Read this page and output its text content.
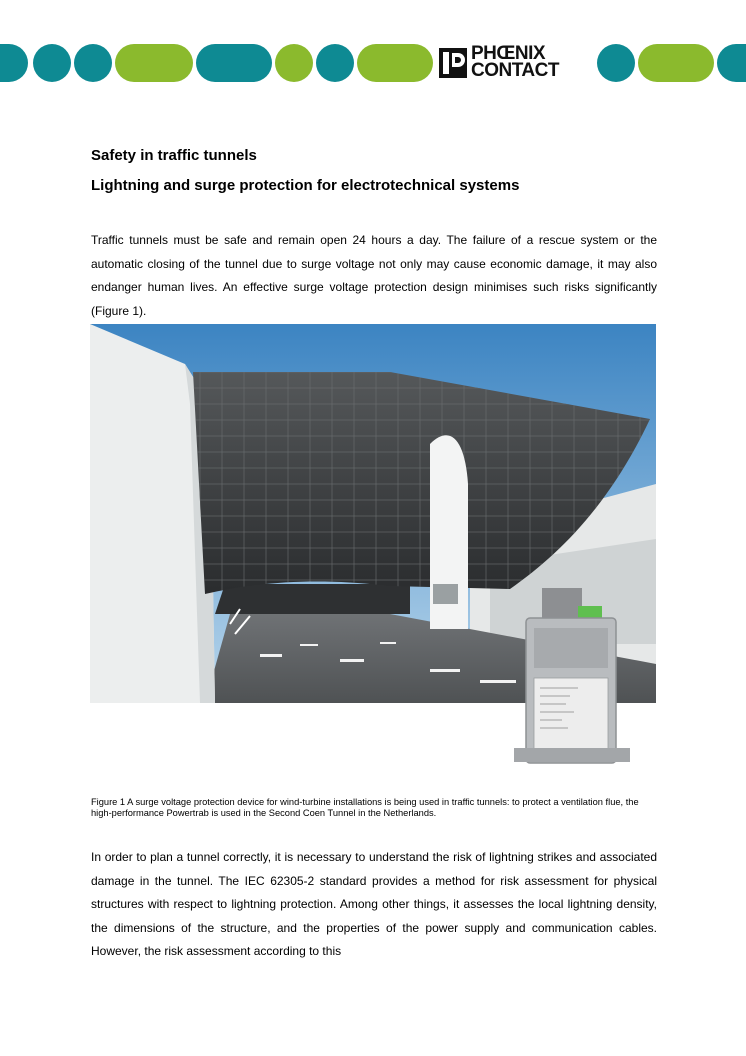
PHŒNIX
CONTACT
Safety in traffic tunnels
Lightning and surge protection for electrotechnical systems
Traffic tunnels must be safe and remain open 24 hours a day. The failure of a rescue system or the automatic closing of the tunnel due to surge voltage not only may cause economic damage, it may also endanger human lives. An effective surge voltage protection design minimises such risks significantly (Figure 1).
Figure 1 A surge voltage protection device for wind-turbine installations is being used in traffic tunnels: to protect a ventilation flue, the high-performance Powertrab is used in the Second Coen Tunnel in the Netherlands.
In order to plan a tunnel correctly, it is necessary to understand the risk of lightning strikes and associated damage in the tunnel. The IEC 62305-2 standard provides a method for risk assessment for physical structures with respect to lightning protection. Among other things, it assesses the local lightning density, the dimensions of the structure, and the properties of the power supply and communication cables. However, the risk assessment according to this
